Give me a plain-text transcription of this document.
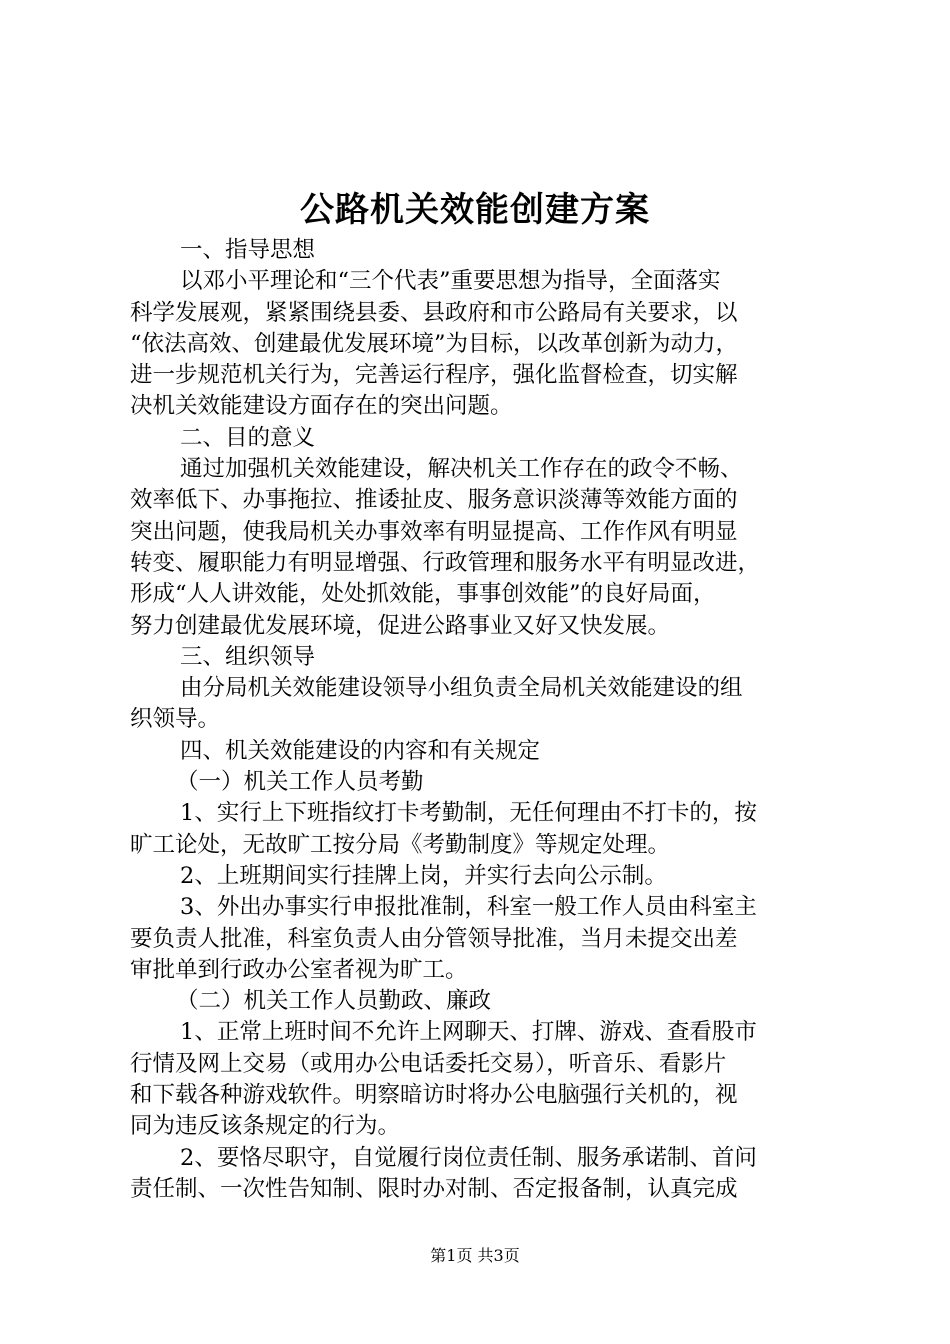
公路机关效能创建方案
一、指导思想
以邓小平理论和“三个代表”重要思想为指导，全面落实
科学发展观，紧紧围绕县委、县政府和市公路局有关要求，以
“依法高效、创建最优发展环境”为目标，以改革创新为动力，
进一步规范机关行为，完善运行程序，强化监督检查，切实解
决机关效能建设方面存在的突出问题。
二、目的意义
通过加强机关效能建设，解决机关工作存在的政令不畅、
效率低下、办事拖拉、推诿扯皮、服务意识淡薄等效能方面的
突出问题，使我局机关办事效率有明显提高、工作作风有明显
转变、履职能力有明显增强、行政管理和服务水平有明显改进，
形成“人人讲效能，处处抓效能，事事创效能”的良好局面，
努力创建最优发展环境，促进公路事业又好又快发展。
三、组织领导
由分局机关效能建设领导小组负责全局机关效能建设的组
织领导。
四、机关效能建设的内容和有关规定
（一）机关工作人员考勤
1、实行上下班指纹打卡考勤制，无任何理由不打卡的，按
旷工论处，无故旷工按分局《考勤制度》等规定处理。
2、上班期间实行挂牌上岗，并实行去向公示制。
3、外出办事实行申报批准制，科室一般工作人员由科室主
要负责人批准，科室负责人由分管领导批准，当月未提交出差
审批单到行政办公室者视为旷工。
（二）机关工作人员勤政、廉政
1、正常上班时间不允许上网聊天、打牌、游戏、查看股市
行情及网上交易（或用办公电话委托交易），听音乐、看影片
和下载各种游戏软件。明察暗访时将办公电脑强行关机的，视
同为违反该条规定的行为。
2、要恪尽职守，自觉履行岗位责任制、服务承诺制、首问
责任制、一次性告知制、限时办对制、否定报备制，认真完成
第1页 共3页
